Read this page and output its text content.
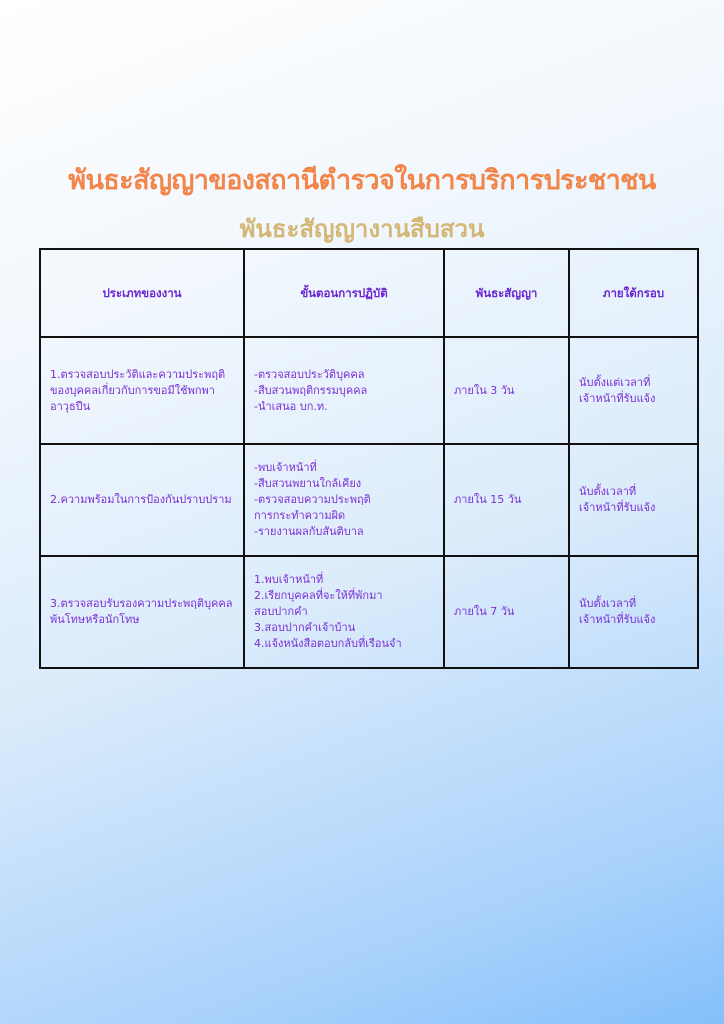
พันธะสัญญาของสถานีตำรวจในการบริการประชาชน
พันธะสัญญางานสืบสวน
ประเภทของงาน	ขั้นตอนการปฏิบัติ	พันธะสัญญา	ภายใต้กรอบ

1.ตรวจสอบประวัติและความประพฤติของบุคคลเกี่ยวกับการขอมีใช้พกพาอาวุธปืน	-ตรวจสอบประวัติบุคคล
-สืบสวนพฤติกรรมบุคคล
-นำเสนอ บก.ท.	ภายใน 3 วัน	นับตั้งแต่เวลาที่
เจ้าหน้าที่รับแจ้ง

2.ความพร้อมในการป้องกันปราบปราม	-พบเจ้าหน้าที่
-สืบสวนพยานใกล้เคียง
-ตรวจสอบความประพฤติ
การกระทำความผิด
-รายงานผลกับสันติบาล	ภายใน 15 วัน	นับตั้งเวลาที่
เจ้าหน้าที่รับแจ้ง

3.ตรวจสอบรับรองความประพฤติบุคคลพ้นโทษหรือนักโทษ	1.พบเจ้าหน้าที่
2.เรียกบุคคลที่จะให้ที่พักมา
สอบปากคำ
3.สอบปากคำเจ้าบ้าน
4.แจ้งหนังสือตอบกลับที่เรือนจำ	ภายใน 7 วัน	นับตั้งเวลาที่
เจ้าหน้าที่รับแจ้ง
